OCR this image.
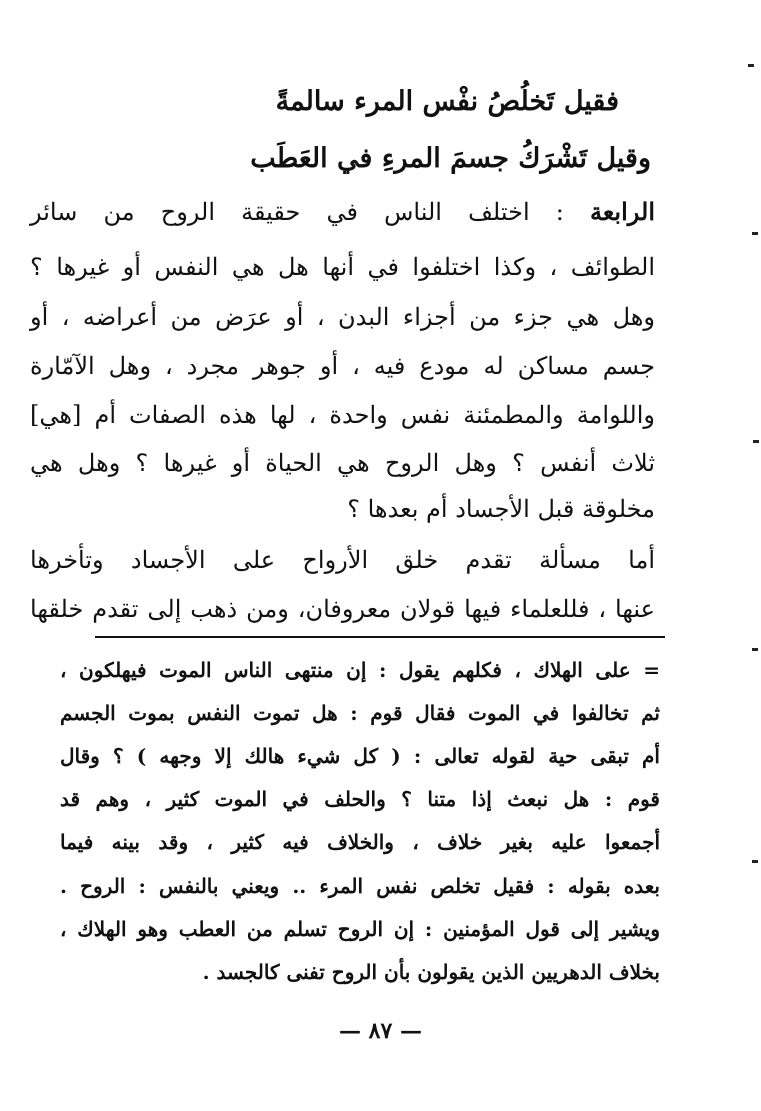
فقيل تَخلُصُ نفْس المرء سالمةً
وقيل تَشْرَكُ جسمَ المرءِ في العَطَب
الرابعة : اختلف الناس في حقيقة الروح من سائر
الطوائف ، وكذا اختلفوا في أنها هل هي النفس أو غيرها ؟
وهل هي جزء من أجزاء البدن ، أو عرَض من أعراضه ، أو
جسم مساكن له مودع فيه ، أو جوهر مجرد ، وهل الآمّارة
واللوامة والمطمئنة نفس واحدة ، لها هذه الصفات أم [هي]
ثلاث أنفس ؟ وهل الروح هي الحياة أو غيرها ؟ وهل هي
مخلوقة قبل الأجساد أم بعدها ؟
أما مسألة تقدم خلق الأرواح على الأجساد وتأخرها
عنها ، فللعلماء فيها قولان معروفان، ومن ذهب إلى تقدم خلقها
= على الهلاك ، فكلهم يقول : إن منتهى الناس الموت فيهلكون ،
ثم تخالفوا في الموت فقال قوم : هل تموت النفس بموت الجسم
أم تبقى حية لقوله تعالى : ( كل شيء هالك إلا وجهه ) ؟ وقال
قوم : هل نبعث إذا متنا ؟ والحلف في الموت كثير ، وهم قد
أجمعوا عليه بغير خلاف ، والخلاف فيه كثير ، وقد بينه فيما
بعده بقوله : فقيل تخلص نفس المرء .. ويعني بالنفس : الروح .
ويشير إلى قول المؤمنين : إن الروح تسلم من العطب وهو الهلاك ،
بخلاف الدهريين الذين يقولون بأن الروح تفنى كالجسد .
— ٨٧ —
